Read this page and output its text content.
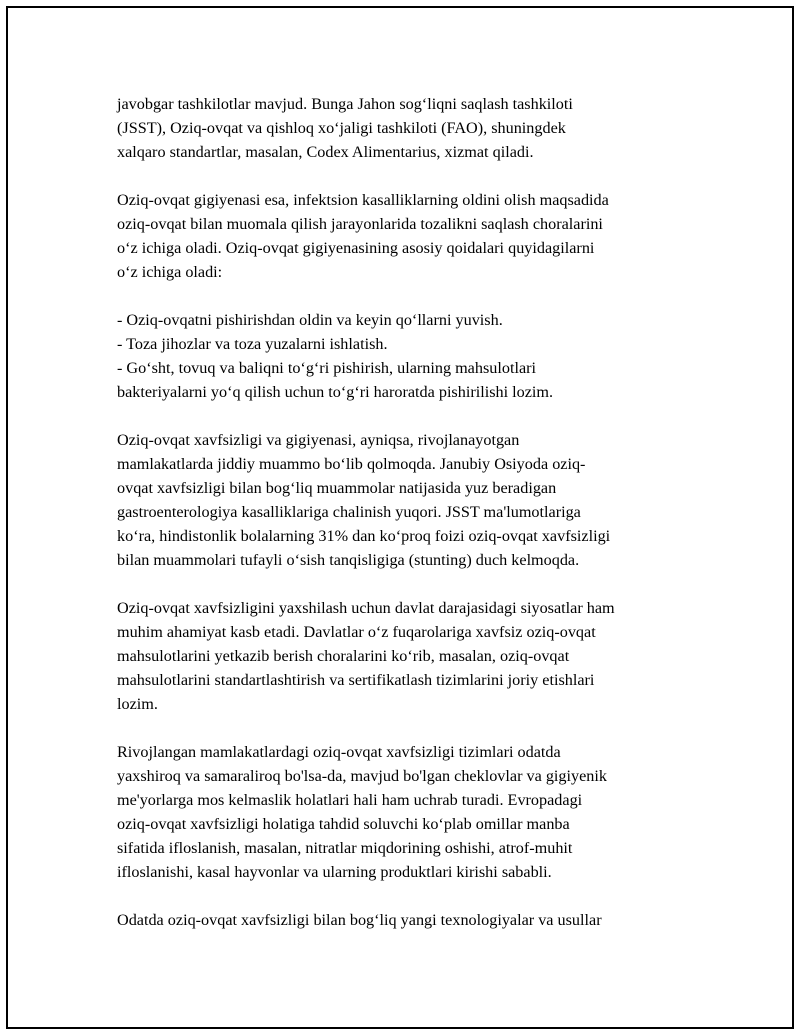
javobgar tashkilotlar mavjud. Bunga Jahon sog‘liqni saqlash tashkiloti
(JSST), Oziq-ovqat va qishloq xo‘jaligi tashkiloti (FAO), shuningdek
xalqaro standartlar, masalan, Codex Alimentarius, xizmat qiladi.

Oziq-ovqat gigiyenasi esa, infektsion kasalliklarning oldini olish maqsadida
oziq-ovqat bilan muomala qilish jarayonlarida tozalikni saqlash choralarini
o‘z ichiga oladi. Oziq-ovqat gigiyenasining asosiy qoidalari quyidagilarni
o‘z ichiga oladi:

- Oziq-ovqatni pishirishdan oldin va keyin qo‘llarni yuvish.
- Toza jihozlar va toza yuzalarni ishlatish.
- Go‘sht, tovuq va baliqni to‘g‘ri pishirish, ularning mahsulotlari
bakteriyalarni yo‘q qilish uchun to‘g‘ri haroratda pishirilishi lozim.

Oziq-ovqat xavfsizligi va gigiyenasi, ayniqsa, rivojlanayotgan
mamlakatlarda jiddiy muammo bo‘lib qolmoqda. Janubiy Osiyoda oziq-
ovqat xavfsizligi bilan bog‘liq muammolar natijasida yuz beradigan
gastroenterologiya kasalliklariga chalinish yuqori. JSST ma'lumotlariga
ko‘ra, hindistonlik bolalarning 31% dan ko‘proq foizi oziq-ovqat xavfsizligi
bilan muammolari tufayli o‘sish tanqisligiga (stunting) duch kelmoqda.

Oziq-ovqat xavfsizligini yaxshilash uchun davlat darajasidagi siyosatlar ham
muhim ahamiyat kasb etadi. Davlatlar o‘z fuqarolariga xavfsiz oziq-ovqat
mahsulotlarini yetkazib berish choralarini ko‘rib, masalan, oziq-ovqat
mahsulotlarini standartlashtirish va sertifikatlash tizimlarini joriy etishlari
lozim.

Rivojlangan mamlakatlardagi oziq-ovqat xavfsizligi tizimlari odatda
yaxshiroq va samaraliroq bo'lsa-da, mavjud bo'lgan cheklovlar va gigiyenik
me'yorlarga mos kelmaslik holatlari hali ham uchrab turadi. Evropadagi
oziq-ovqat xavfsizligi holatiga tahdid soluvchi ko‘plab omillar manba
sifatida ifloslanish, masalan, nitratlar miqdorining oshishi, atrof-muhit
ifloslanishi, kasal hayvonlar va ularning produktlari kirishi sababli.

Odatda oziq-ovqat xavfsizligi bilan bog‘liq yangi texnologiyalar va usullar
